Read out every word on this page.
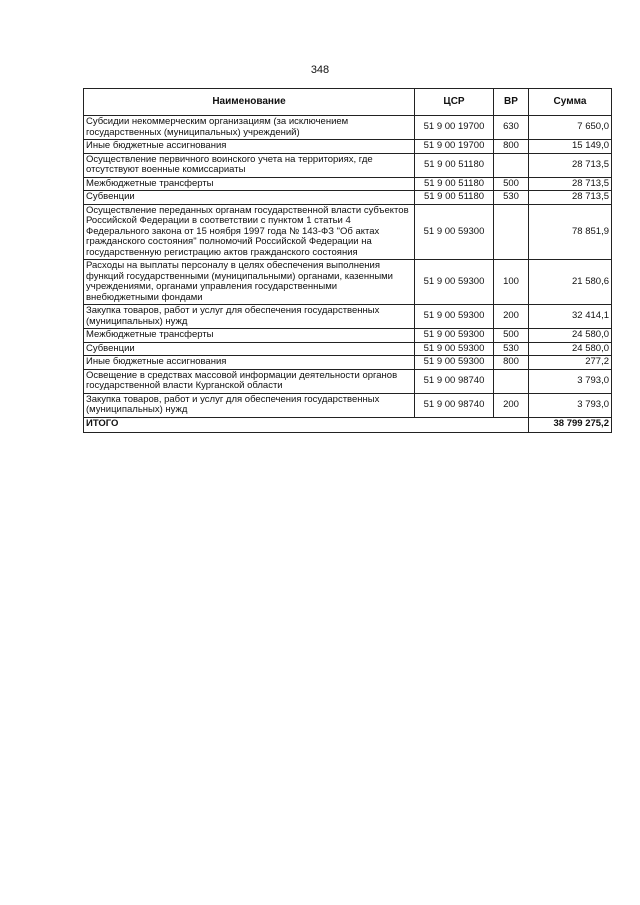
348
Наименование	ЦСР	ВР	Сумма
Субсидии некоммерческим организациям (за исключением государственных (муниципальных) учреждений)	51 9 00 19700	630	7 650,0
Иные бюджетные ассигнования	51 9 00 19700	800	15 149,0
Осуществление первичного воинского учета на территориях, где отсутствуют военные комиссариаты	51 9 00 51180		28 713,5
Межбюджетные трансферты	51 9 00 51180	500	28 713,5
Субвенции	51 9 00 51180	530	28 713,5
Осуществление переданных органам государственной власти субъектов Российской Федерации в соответствии с пунктом 1 статьи 4 Федерального закона от 15 ноября 1997 года № 143-ФЗ "Об актах гражданского состояния" полномочий Российской Федерации на государственную регистрацию актов гражданского состояния	51 9 00 59300		78 851,9
Расходы на выплаты персоналу в целях обеспечения выполнения функций государственными (муниципальными) органами, казенными учреждениями, органами управления государственными внебюджетными фондами	51 9 00 59300	100	21 580,6
Закупка товаров, работ и услуг для обеспечения государственных (муниципальных) нужд	51 9 00 59300	200	32 414,1
Межбюджетные трансферты	51 9 00 59300	500	24 580,0
Субвенции	51 9 00 59300	530	24 580,0
Иные бюджетные ассигнования	51 9 00 59300	800	277,2
Освещение в средствах массовой информации деятельности органов государственной власти Курганской области	51 9 00 98740		3 793,0
Закупка товаров, работ и услуг для обеспечения государственных (муниципальных) нужд	51 9 00 98740	200	3 793,0
ИТОГО			38 799 275,2
